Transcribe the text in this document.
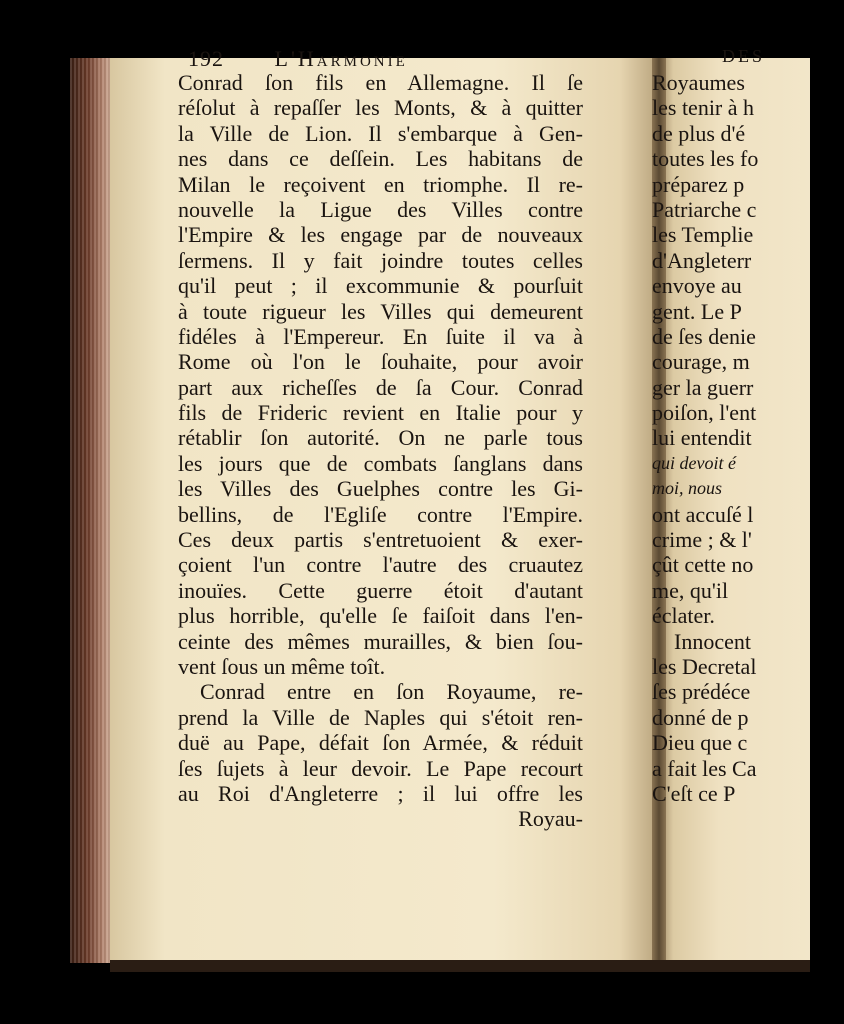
192 L'Harmonie
Conrad ſon fils en Allemagne. Il ſe
réſolut à repaſſer les Monts, & à quitter
la Ville de Lion. Il s'embarque à Gen-
nes dans ce deſſein. Les habitans de
Milan le reçoivent en triomphe. Il re-
nouvelle la Ligue des Villes contre
l'Empire & les engage par de nouveaux
ſermens. Il y fait joindre toutes celles
qu'il peut ; il excommunie & pourſuit
à toute rigueur les Villes qui demeurent
fidéles à l'Empereur. En ſuite il va à
Rome où l'on le ſouhaite, pour avoir
part aux richeſſes de ſa Cour. Conrad
fils de Frideric revient en Italie pour y
rétablir ſon autorité. On ne parle tous
les jours que de combats ſanglans dans
les Villes des Guelphes contre les Gi-
bellins, de l'Egliſe contre l'Empire.
Ces deux partis s'entretuoient & exer-
çoient l'un contre l'autre des cruautez
inouïes. Cette guerre étoit d'autant
plus horrible, qu'elle ſe faiſoit dans l'en-
ceinte des mêmes murailles, & bien ſou-
vent ſous un même toît.
Conrad entre en ſon Royaume, re-
prend la Ville de Naples qui s'étoit ren-
duë au Pape, défait ſon Armée, & réduit
ſes ſujets à leur devoir. Le Pape recourt
au Roi d'Angleterre ; il lui offre les
Royau-
DES
Royaumes
les tenir à h
de plus d'é
toutes les fo
préparez p
Patriarche c
les Templie
d'Angleterr
envoye au
gent. Le P
de ſes denie
courage, m
ger la guerr
poiſon, l'ent
lui entendit
qui devoit é
moi, nous
ont accuſé l
crime ; & l'
çût cette no
me, qu'il
éclater.
Innocent
les Decretal
ſes prédéce
donné de p
Dieu que c
a fait les Ca
C'eſt ce P
